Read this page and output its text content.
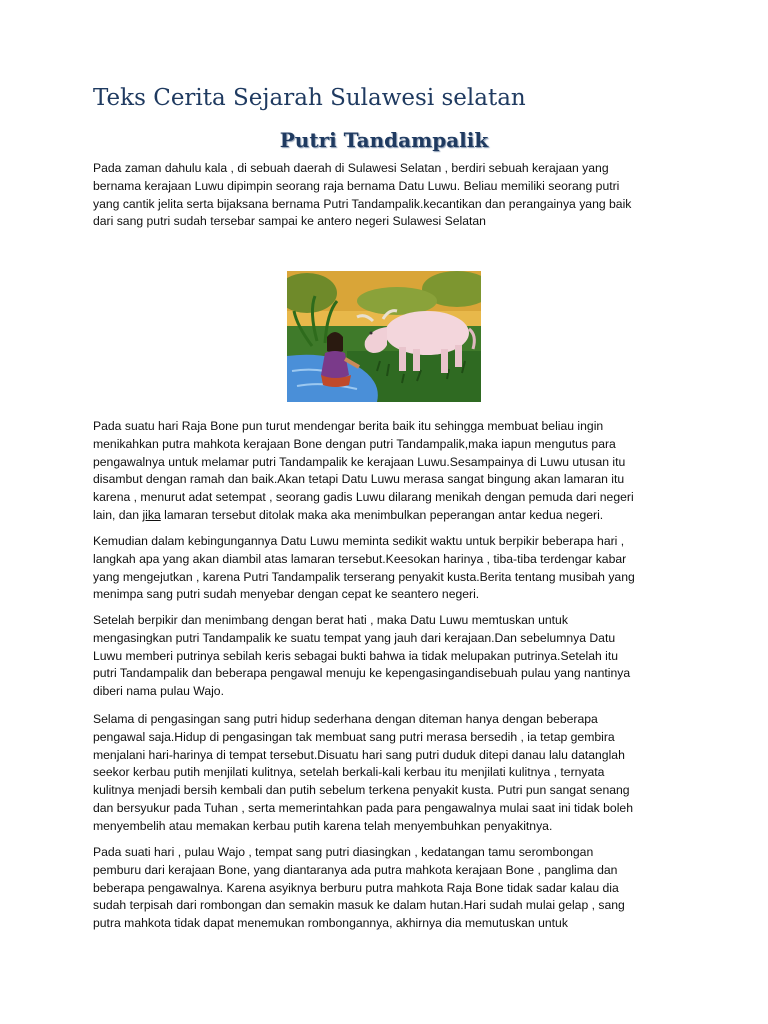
Teks Cerita Sejarah Sulawesi selatan
Putri Tandampalik

Pada zaman dahulu kala , di sebuah daerah di Sulawesi Selatan , berdiri sebuah kerajaan yang
bernama kerajaan Luwu dipimpin seorang raja bernama Datu Luwu. Beliau memiliki seorang putri
yang cantik jelita serta bijaksana bernama Putri Tandampalik.kecantikan dan perangainya yang baik
dari sang putri sudah tersebar sampai ke antero negeri Sulawesi Selatan

Pada suatu hari Raja Bone pun turut mendengar berita baik itu sehingga membuat beliau ingin
menikahkan putra mahkota kerajaan Bone dengan putri Tandampalik,maka iapun mengutus para
pengawalnya untuk melamar putri Tandampalik ke kerajaan Luwu.Sesampainya di Luwu utusan itu
disambut dengan ramah dan baik.Akan tetapi Datu Luwu merasa sangat bingung akan lamaran itu
karena , menurut adat setempat , seorang gadis Luwu dilarang menikah dengan pemuda dari negeri
lain, dan jika lamaran tersebut ditolak maka aka menimbulkan peperangan antar kedua negeri.

Kemudian dalam kebingungannya Datu Luwu meminta sedikit waktu untuk berpikir beberapa hari ,
langkah apa yang akan diambil atas lamaran tersebut.Keesokan harinya , tiba-tiba terdengar kabar
yang mengejutkan , karena Putri Tandampalik terserang penyakit kusta.Berita tentang musibah yang
menimpa sang putri sudah menyebar dengan cepat ke seantero negeri.

Setelah berpikir dan menimbang dengan berat hati , maka Datu Luwu memtuskan untuk
mengasingkan putri Tandampalik ke suatu tempat yang jauh dari kerajaan.Dan sebelumnya Datu
Luwu memberi putrinya sebilah keris sebagai bukti bahwa ia tidak melupakan putrinya.Setelah itu
putri Tandampalik dan beberapa pengawal menuju ke kepengasingandisebuah pulau yang nantinya
diberi nama pulau Wajo.

Selama di pengasingan sang putri hidup sederhana dengan diteman hanya dengan beberapa
pengawal saja.Hidup di pengasingan tak membuat sang putri merasa bersedih , ia tetap gembira
menjalani hari-harinya di tempat tersebut.Disuatu hari sang putri duduk ditepi danau lalu datanglah
seekor kerbau putih menjilati kulitnya, setelah berkali-kali kerbau itu menjilati kulitnya , ternyata
kulitnya menjadi bersih kembali dan putih sebelum terkena penyakit kusta. Putri pun sangat senang
dan bersyukur pada Tuhan , serta memerintahkan pada para pengawalnya mulai saat ini tidak boleh
menyembelih atau memakan kerbau putih karena telah menyembuhkan penyakitnya.

Pada suati hari , pulau Wajo , tempat sang putri diasingkan , kedatangan tamu serombongan
pemburu dari kerajaan Bone, yang diantaranya ada putra mahkota kerajaan Bone , panglima dan
beberapa pengawalnya. Karena asyiknya berburu putra mahkota Raja Bone tidak sadar kalau dia
sudah terpisah dari rombongan dan semakin masuk ke dalam hutan.Hari sudah mulai gelap , sang
putra mahkota tidak dapat menemukan rombongannya, akhirnya dia memutuskan untuk
